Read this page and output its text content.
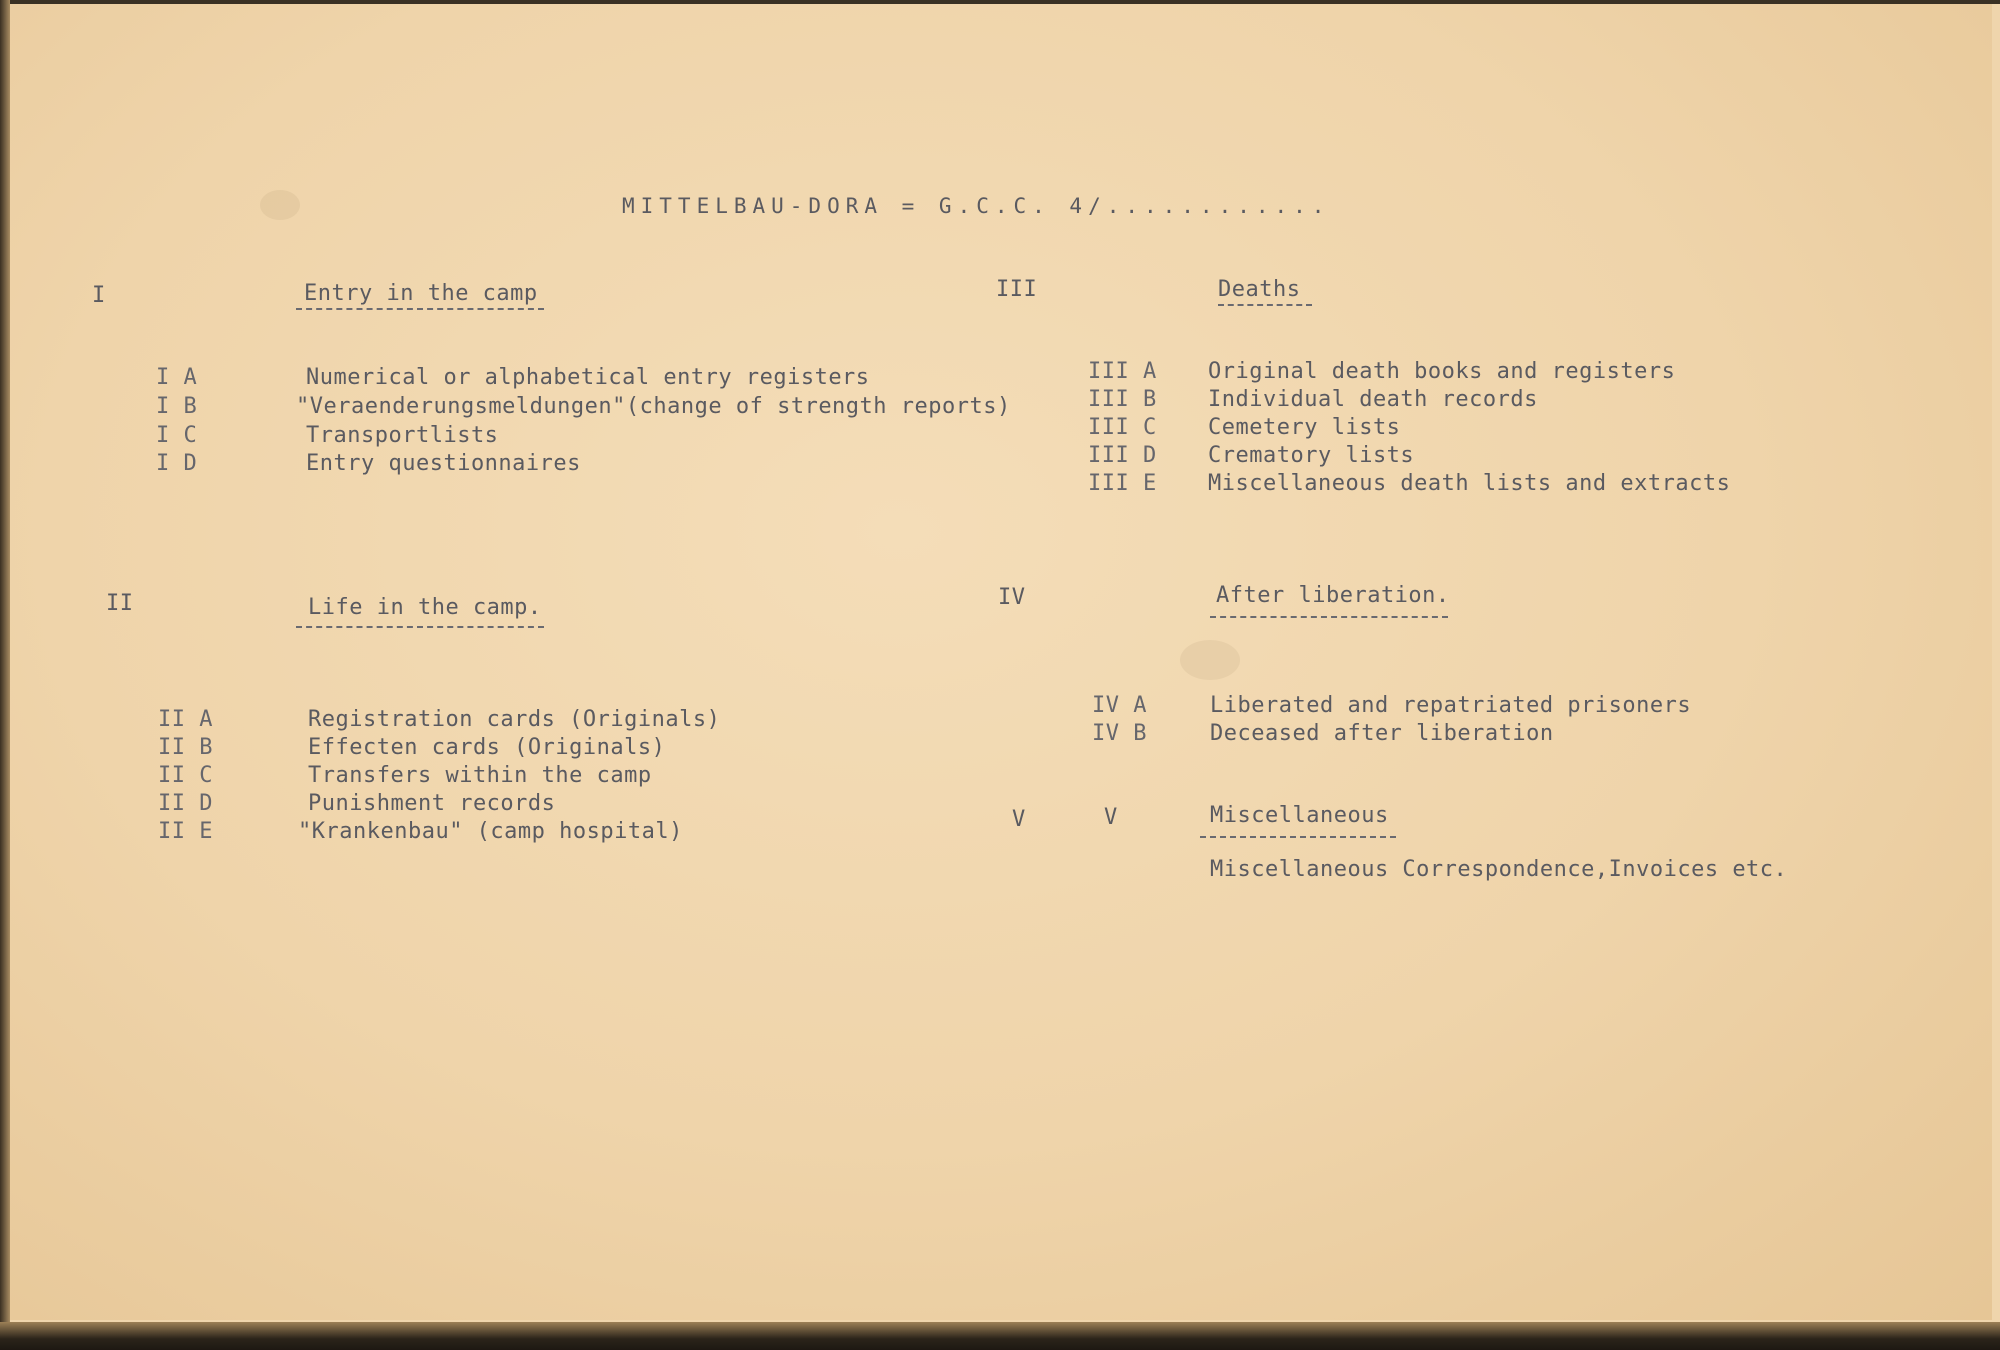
MITTELBAU-DORA = G.C.C. 4/............
I	Entry in the camp
I A	Numerical or alphabetical entry registers
I B	"Veraenderungsmeldungen"(change of strength reports)
I C	Transportlists
I D	Entry questionnaires
II	Life in the camp.
II A	Registration cards (Originals)
II B	Effecten cards (Originals)
II C	Transfers within the camp
II D	Punishment records
II E	"Krankenbau" (camp hospital)
III	Deaths
III A Original death books and registers
III B Individual death records
III C Cemetery lists
III D Crematory lists
III E Miscellaneous death lists and extracts
IV	After liberation.
IV A	Liberated and repatriated prisoners
IV B	Deceased after liberation
V	V	Miscellaneous
Miscellaneous Correspondence,Invoices etc.
